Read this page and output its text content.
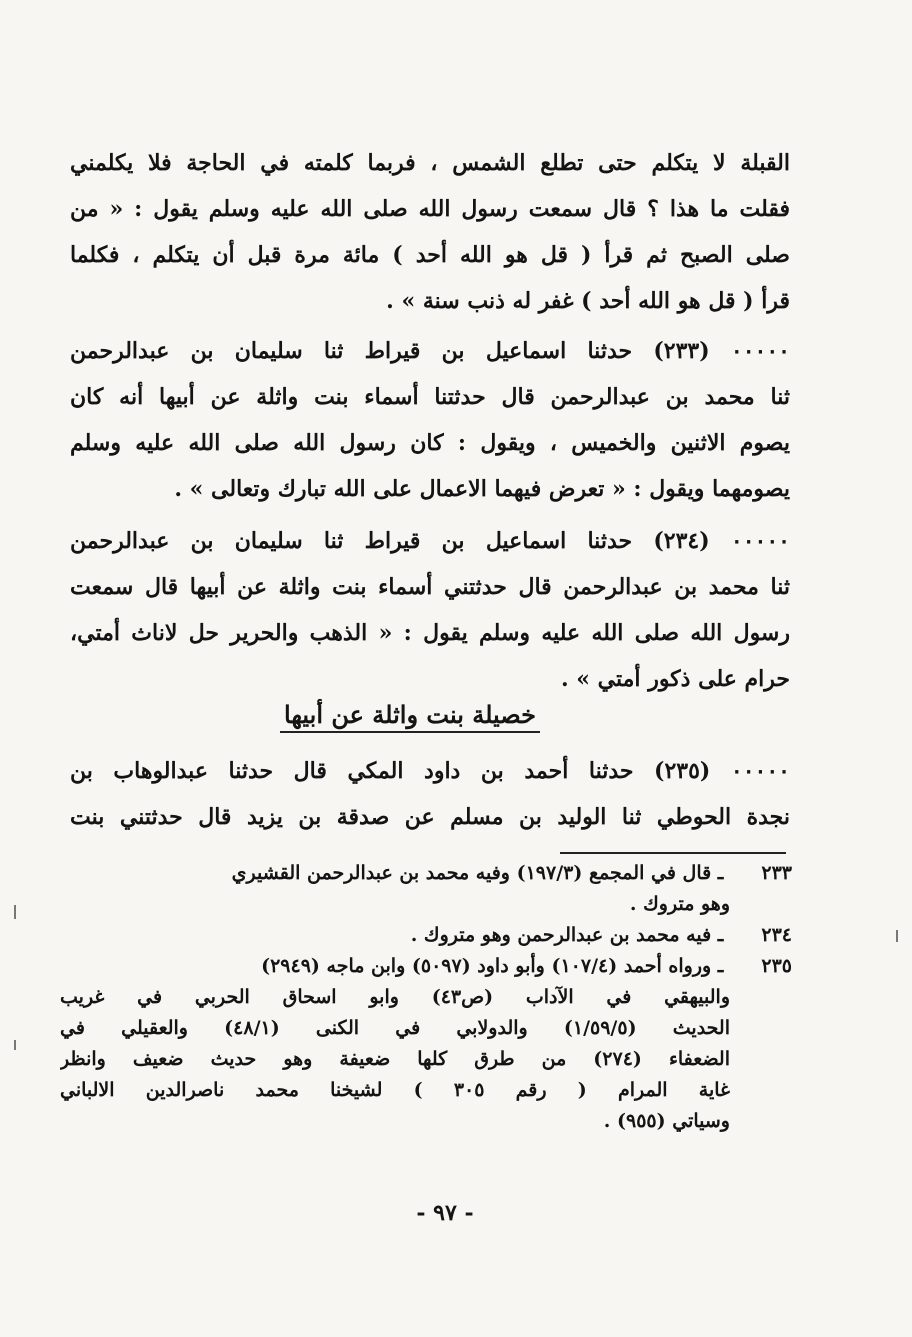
القبلة لا يتكلم حتى تطلع الشمس ، فربما كلمته في الحاجة فلا يكلمني
فقلت ما هذا ؟ قال سمعت رسول الله صلى الله عليه وسلم يقول : « من
صلى الصبح ثم قرأ ( قل هو الله أحد ) مائة مرة قبل أن يتكلم ، فكلما
قرأ ( قل هو الله أحد ) غفر له ذنب سنة » .
٠٠٠٠٠ (٢٣٣) حدثنا اسماعيل بن قيراط ثنا سليمان بن عبدالرحمن
ثنا محمد بن عبدالرحمن قال حدثتنا أسماء بنت واثلة عن أبيها أنه كان
يصوم الاثنين والخميس ، ويقول : كان رسول الله صلى الله عليه وسلم
يصومهما ويقول : « تعرض فيهما الاعمال على الله تبارك وتعالى » .
٠٠٠٠٠ (٢٣٤) حدثنا اسماعيل بن قيراط ثنا سليمان بن عبدالرحمن
ثنا محمد بن عبدالرحمن قال حدثتني أسماء بنت واثلة عن أبيها قال سمعت
رسول الله صلى الله عليه وسلم يقول : « الذهب والحرير حل لاناث أمتي،
حرام على ذكور أمتي » .
خصيلة بنت واثلة عن أبيها
٠٠٠٠٠ (٢٣٥) حدثنا أحمد بن داود المكي قال حدثنا عبدالوهاب بن
نجدة الحوطي ثنا الوليد بن مسلم عن صدقة بن يزيد قال حدثتني بنت
٢٣٣ ـ قال في المجمع (١٩٧/٣) وفيه محمد بن عبدالرحمن القشيري
وهو متروك .
٢٣٤ ـ فيه محمد بن عبدالرحمن وهو متروك .
٢٣٥ ـ ورواه أحمد (١٠٧/٤) وأبو داود (٥٠٩٧) وابن ماجه (٢٩٤٩)
والبيهقي في الآداب (ص٤٣) وابو اسحاق الحربي في غريب
الحديث (١/٥٩/٥) والدولابي في الكنى (٤٨/١) والعقيلي في
الضعفاء (٢٧٤) من طرق كلها ضعيفة وهو حديث ضعيف وانظر
غاية المرام ( رقم ٣٠٥ ) لشيخنا محمد ناصرالدين الالباني
وسياتي (٩٥٥) .
- ٩٧ -
